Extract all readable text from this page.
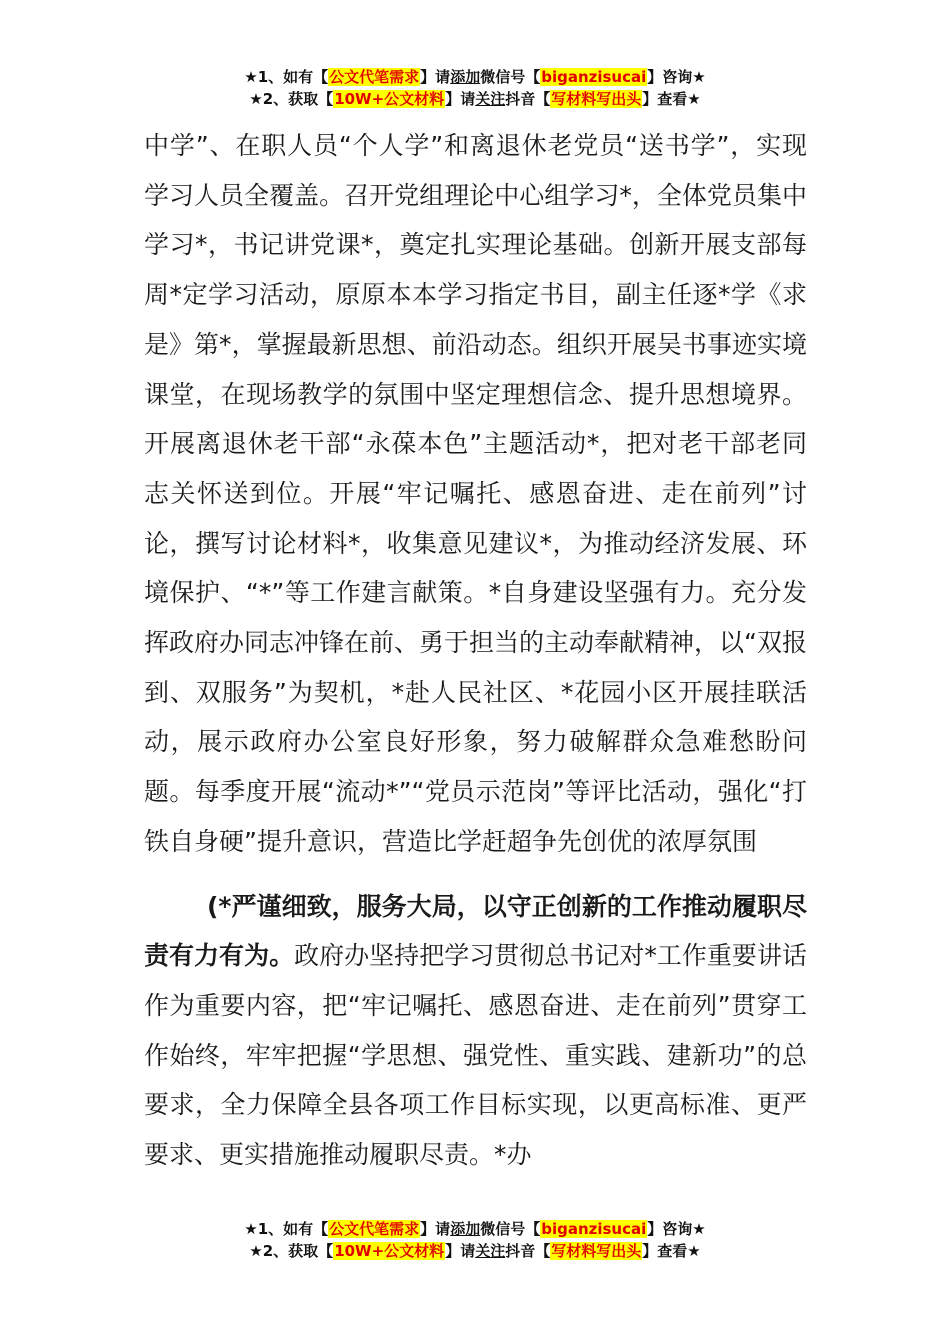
★1、如有【公文代笔需求】请添加微信号【biganzisucai】咨询★
★2、获取【10W+公文材料】请关注抖音【写材料写出头】查看★

中学”、在职人员“个人学”和离退休老党员“送书学”，实现学习人员全覆盖。召开党组理论中心组学习*，全体党员集中学习*，书记讲党课*，奠定扎实理论基础。创新开展支部每周*定学习活动，原原本本学习指定书目，副主任逐*学《求是》第*，掌握最新思想、前沿动态。组织开展吴书事迹实境课堂，在现场教学的氛围中坚定理想信念、提升思想境界。开展离退休老干部“永葆本色”主题活动*，把对老干部老同志关怀送到位。开展“牢记嘱托、感恩奋进、走在前列”讨论，撰写讨论材料*，收集意见建议*，为推动经济发展、环境保护、“*”等工作建言献策。*自身建设坚强有力。充分发挥政府办同志冲锋在前、勇于担当的主动奉献精神，以“双报到、双服务”为契机，*赴人民社区、*花园小区开展挂联活动，展示政府办公室良好形象，努力破解群众急难愁盼问题。每季度开展“流动*”“党员示范岗”等评比活动，强化“打铁自身硬”提升意识，营造比学赶超争先创优的浓厚氛围

(*严谨细致，服务大局，以守正创新的工作推动履职尽责有力有为。政府办坚持把学习贯彻总书记对*工作重要讲话作为重要内容，把“牢记嘱托、感恩奋进、走在前列”贯穿工作始终，牢牢把握“学思想、强党性、重实践、建新功”的总要求，全力保障全县各项工作目标实现，以更高标准、更严要求、更实措施推动履职尽责。*办

★1、如有【公文代笔需求】请添加微信号【biganzisucai】咨询★
★2、获取【10W+公文材料】请关注抖音【写材料写出头】查看★
